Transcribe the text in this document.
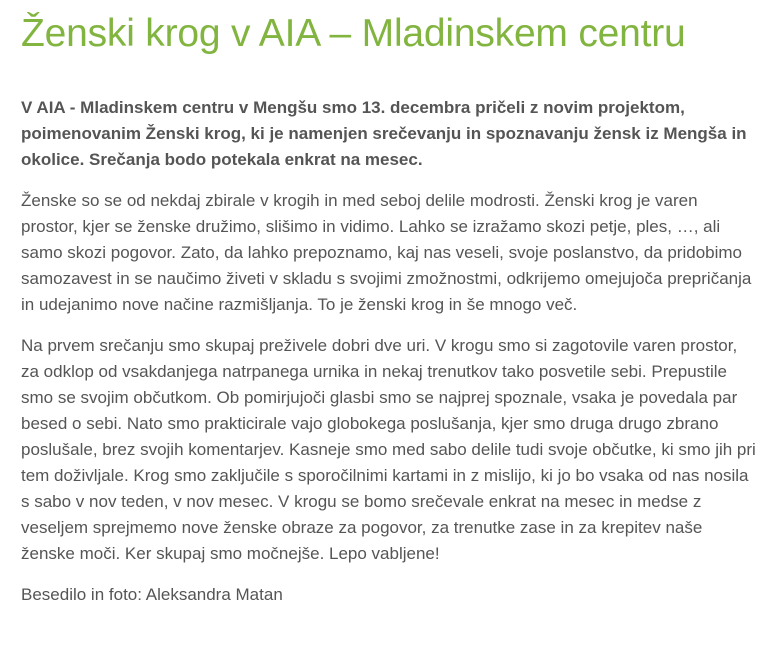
Ženski krog v AIA – Mladinskem centru

V AIA - Mladinskem centru v Mengšu smo 13. decembra pričeli z novim projektom, poimenovanim Ženski krog, ki je namenjen srečevanju in spoznavanju žensk iz Mengša in okolice. Srečanja bodo potekala enkrat na mesec.

Ženske so se od nekdaj zbirale v krogih in med seboj delile modrosti. Ženski krog je varen prostor, kjer se ženske družimo, slišimo in vidimo. Lahko se izražamo skozi petje, ples, …, ali samo skozi pogovor. Zato, da lahko prepoznamo, kaj nas veseli, svoje poslanstvo, da pridobimo samozavest in se naučimo živeti v skladu s svojimi zmožnostmi, odkrijemo omejujoča prepričanja in udejanimo nove načine razmišljanja. To je ženski krog in še mnogo več.

Na prvem srečanju smo skupaj preživele dobri dve uri. V krogu smo si zagotovile varen prostor, za odklop od vsakdanjega natrpanega urnika in nekaj trenutkov tako posvetile sebi. Prepustile smo se svojim občutkom. Ob pomirjujoči glasbi smo se najprej spoznale, vsaka je povedala par besed o sebi. Nato smo prakticirale vajo globokega poslušanja, kjer smo druga drugo zbrano poslušale, brez svojih komentarjev. Kasneje smo med sabo delile tudi svoje občutke, ki smo jih pri tem doživljale. Krog smo zaključile s sporočilnimi kartami in z mislijo, ki jo bo vsaka od nas nosila s sabo v nov teden, v nov mesec. V krogu se bomo srečevale enkrat na mesec in medse z veseljem sprejmemo nove ženske obraze za pogovor, za trenutke zase in za krepitev naše ženske moči. Ker skupaj smo močnejše. Lepo vabljene!

Besedilo in foto: Aleksandra Matan
